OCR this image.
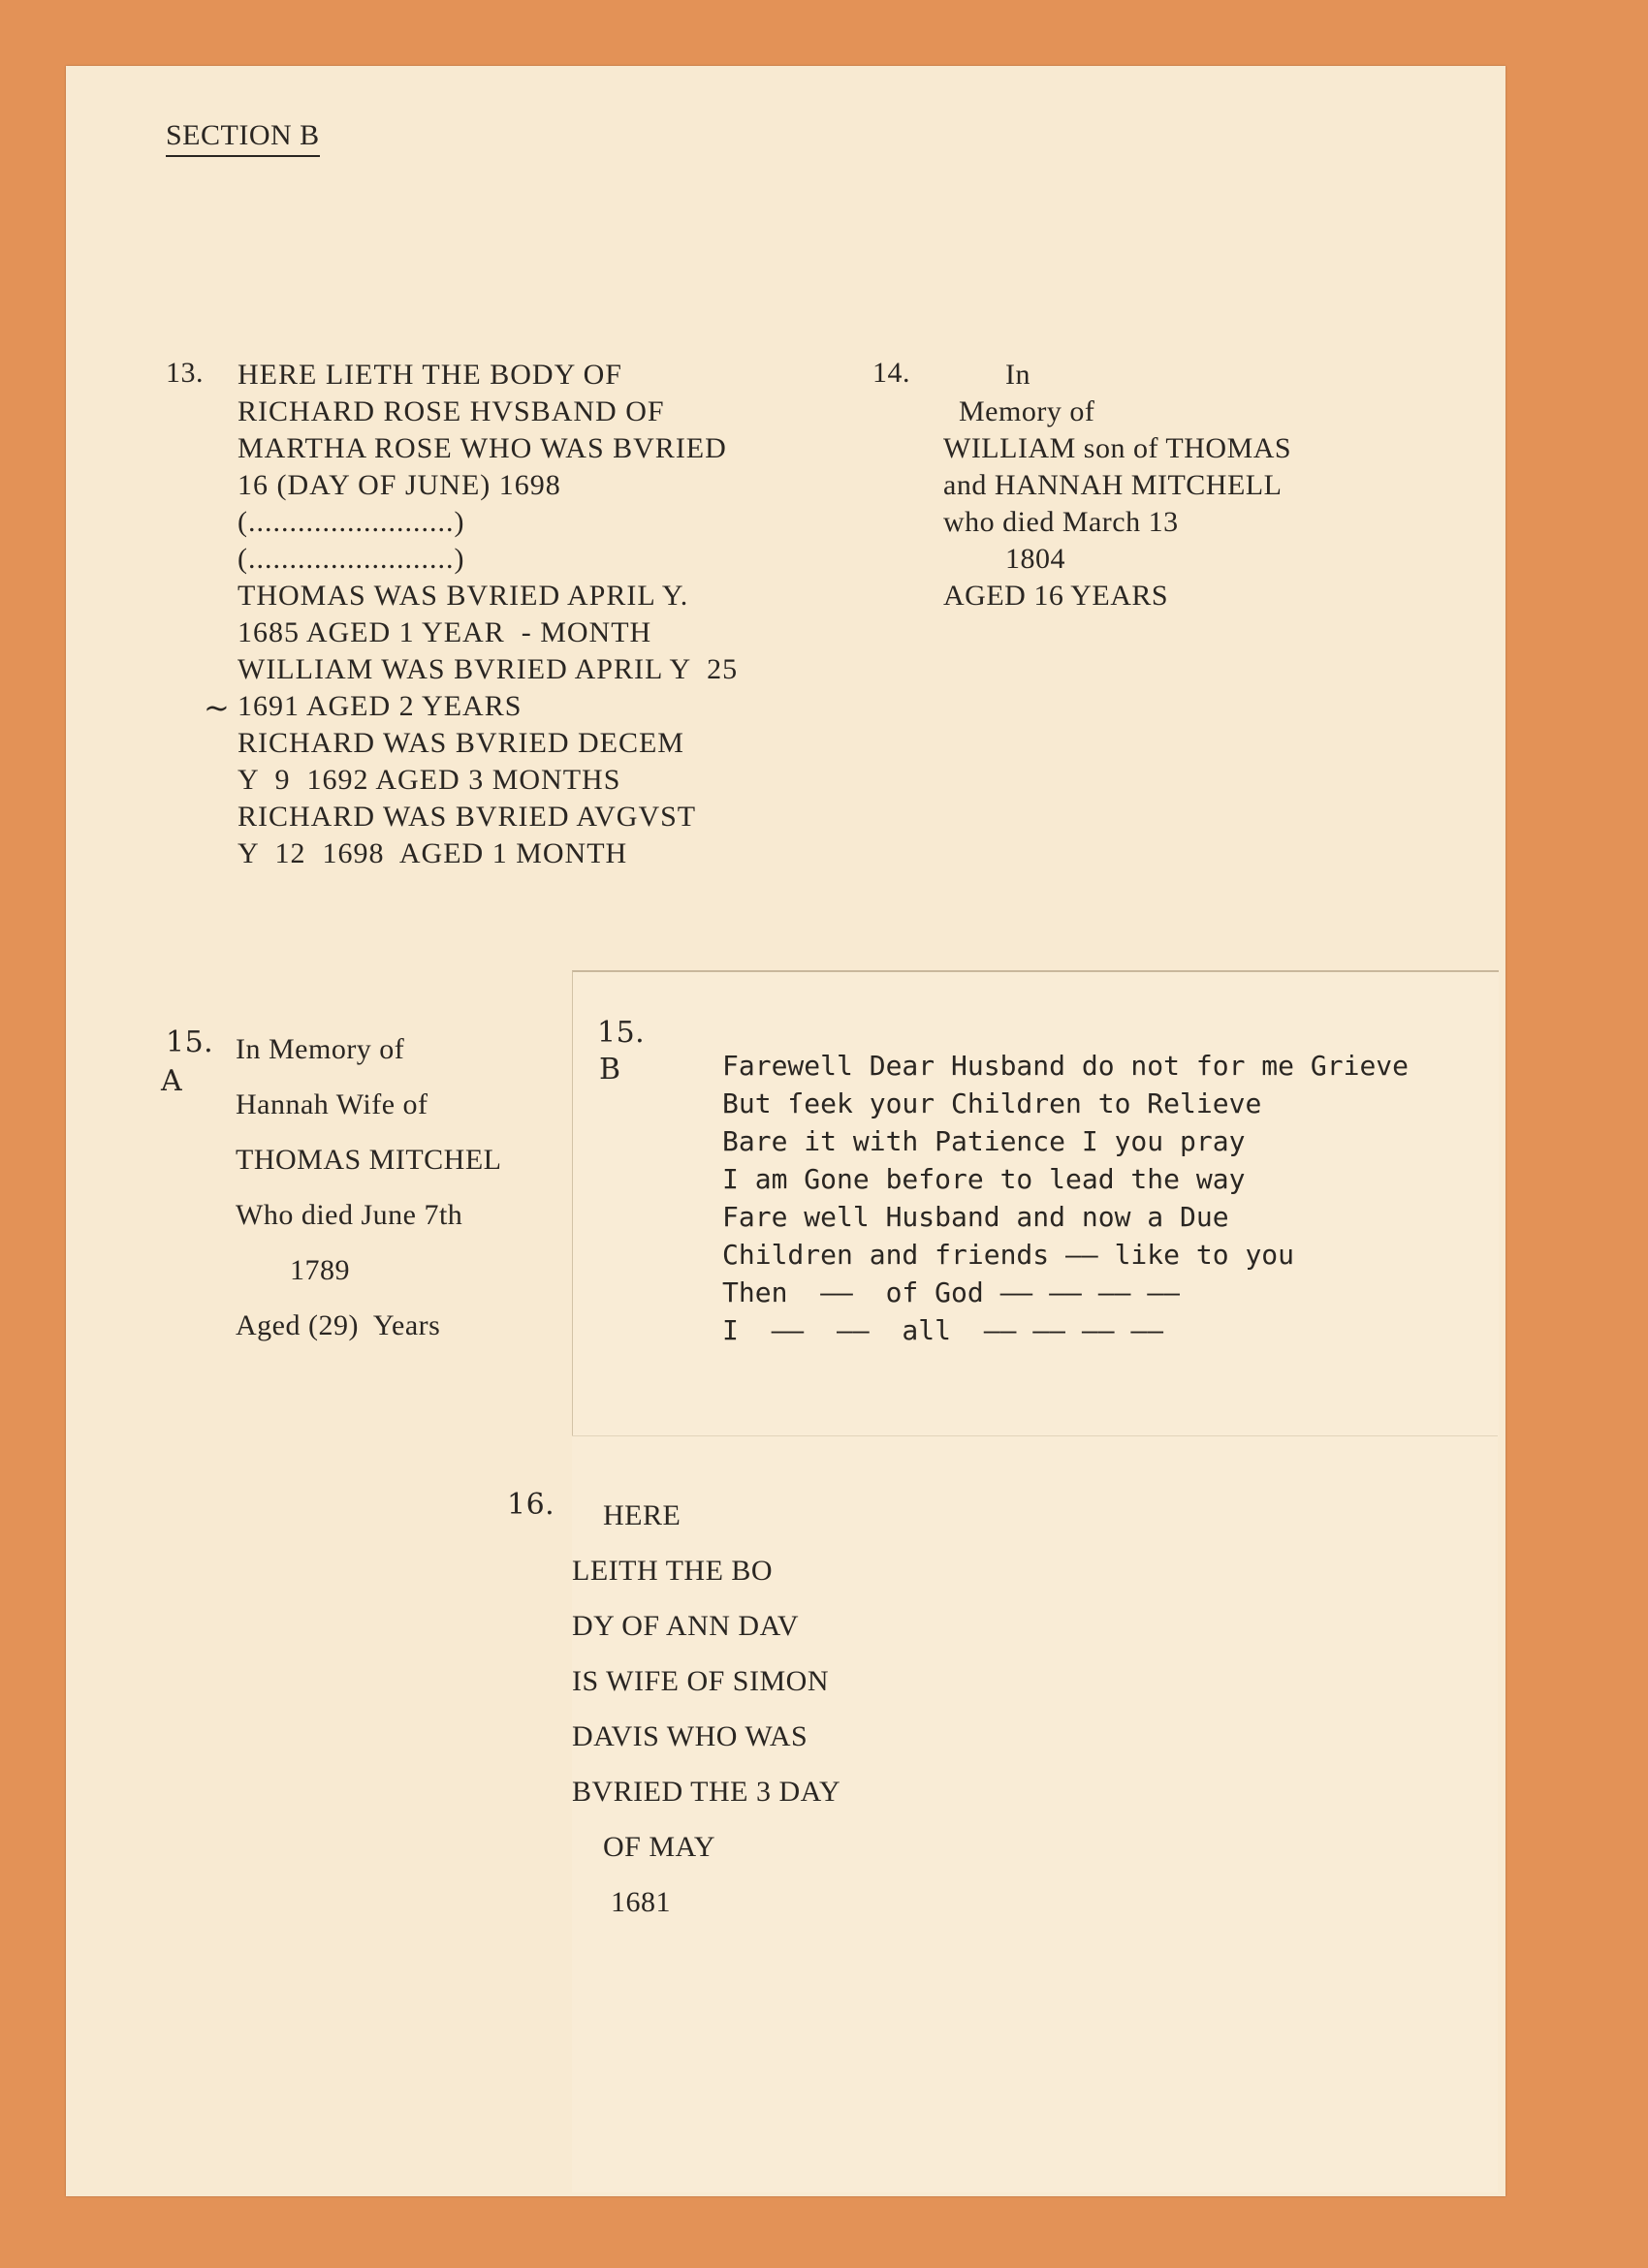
SECTION B
13.
~
HERE LIETH THE BODY OF
RICHARD ROSE HVSBAND OF
MARTHA ROSE WHO WAS BVRIED
16 (DAY OF JUNE) 1698
(.........................)
(.........................)
THOMAS WAS BVRIED APRIL Y.
1685 AGED 1 YEAR  - MONTH
WILLIAM WAS BVRIED APRIL Y  25
1691 AGED 2 YEARS
RICHARD WAS BVRIED DECEM
Y  9  1692 AGED 3 MONTHS
RICHARD WAS BVRIED AVGVST
Y  12  1698  AGED 1 MONTH
14. In
Memory of
WILLIAM son of THOMAS
and HANNAH MITCHELL
who died March 13
1804
AGED 16 YEARS
15.
A
In Memory of
Hannah Wife of
THOMAS MITCHEL
Who died June 7th
1789
Aged (29)  Years
15.
B	Farewell Dear Husband do not for me Grieve
But ſeek your Children to Relieve
Bare it with Patience I you pray
I am Gone before to lead the way
Fare well Husband and now a Due
Children and friends —— like to you
Then  ——  of God —— —— —— ——
I  ——  ——  all  —— —— —— ——
16. HERE
LEITH THE BO
DY OF ANN DAV
IS WIFE OF SIMON
DAVIS WHO WAS
BVRIED THE 3 DAY
OF MAY
1681
